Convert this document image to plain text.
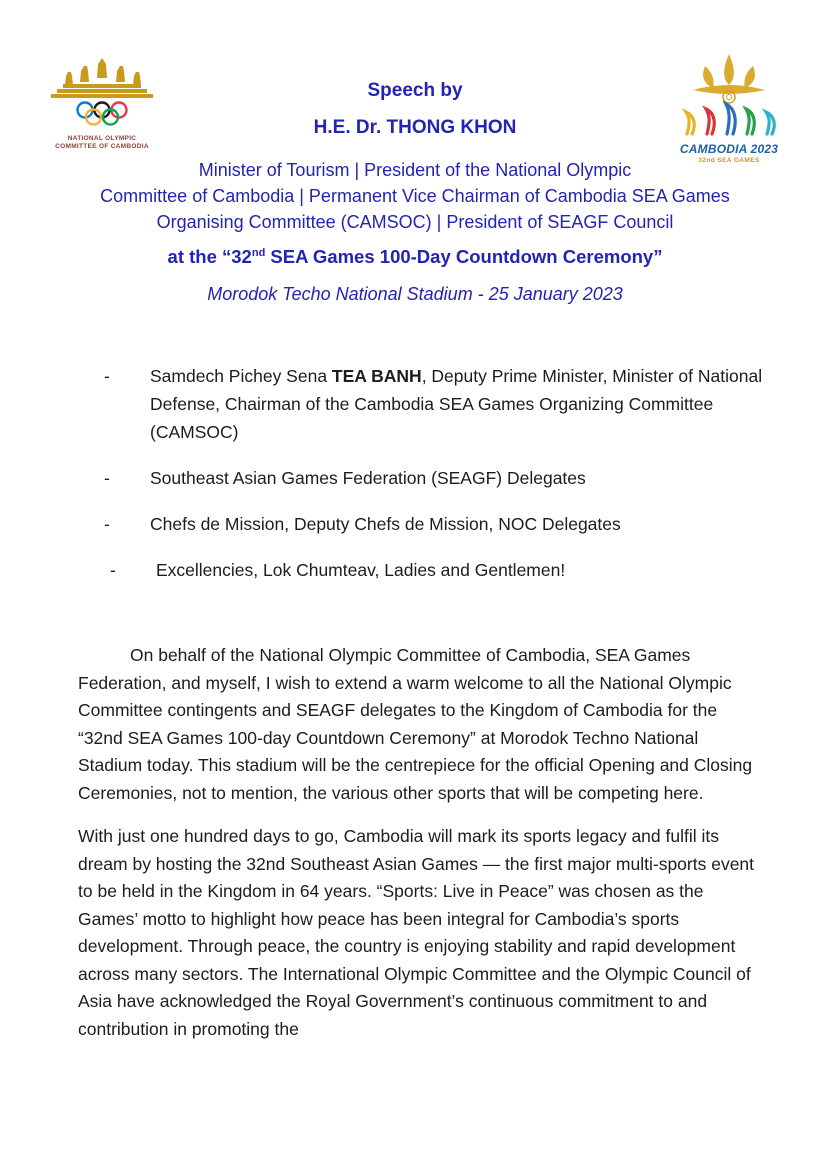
NATIONAL OLYMPIC
COMMITTEE OF CAMBODIA	CAMBODIA 2023
32nd SEA GAMES
Speech by
H.E. Dr. THONG KHON
Minister of Tourism | President of the National Olympic
Committee of Cambodia | Permanent Vice Chairman of Cambodia SEA Games
Organising Committee (CAMSOC) | President of SEAGF Council
at the “32nd SEA Games 100-Day Countdown Ceremony”
Morodok Techo National Stadium - 25 January 2023
- Samdech Pichey Sena TEA BANH, Deputy Prime Minister, Minister of National Defense, Chairman of the Cambodia SEA Games Organizing Committee (CAMSOC)
- Southeast Asian Games Federation (SEAGF) Delegates
- Chefs de Mission, Deputy Chefs de Mission, NOC Delegates
- Excellencies, Lok Chumteav, Ladies and Gentlemen!

On behalf of the National Olympic Committee of Cambodia, SEA Games Federation, and myself, I wish to extend a warm welcome to all the National Olympic Committee contingents and SEAGF delegates to the Kingdom of Cambodia for the “32nd SEA Games 100-day Countdown Ceremony” at Morodok Techno National Stadium today. This stadium will be the centrepiece for the official Opening and Closing Ceremonies, not to mention, the various other sports that will be competing here.

With just one hundred days to go, Cambodia will mark its sports legacy and fulfil its dream by hosting the 32nd Southeast Asian Games — the first major multi-sports event to be held in the Kingdom in 64 years. “Sports: Live in Peace” was chosen as the Games’ motto to highlight how peace has been integral for Cambodia’s sports development. Through peace, the country is enjoying stability and rapid development across many sectors. The International Olympic Committee and the Olympic Council of Asia have acknowledged the Royal Government’s continuous commitment to and contribution in promoting the
